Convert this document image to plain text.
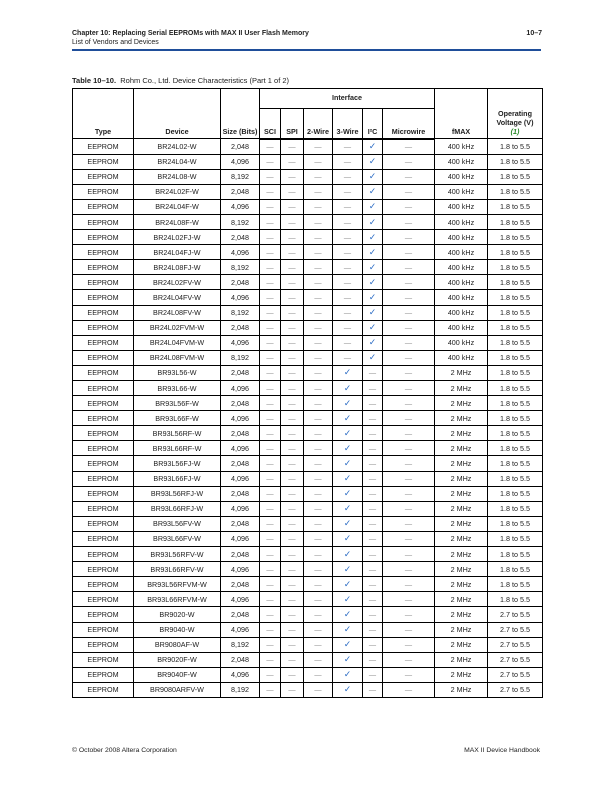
Chapter 10: Replacing Serial EEPROMs with MAX II User Flash Memory
List of Vendors and Devices
10–7
Table 10–10. Rohm Co., Ltd. Device Characteristics (Part 1 of 2)
Type	Device	Size (Bits)	Interface						fMAX	Operating Voltage (V)
(1)
			SCI	SPI	2-Wire	3-Wire	I²C	Microwire		
EEPROM	BR24L02-W	2,048	—	—	—	—	✓	—	400 kHz	1.8 to 5.5
EEPROM	BR24L04-W	4,096	—	—	—	—	✓	—	400 kHz	1.8 to 5.5
EEPROM	BR24L08-W	8,192	—	—	—	—	✓	—	400 kHz	1.8 to 5.5
EEPROM	BR24L02F-W	2,048	—	—	—	—	✓	—	400 kHz	1.8 to 5.5
EEPROM	BR24L04F-W	4,096	—	—	—	—	✓	—	400 kHz	1.8 to 5.5
EEPROM	BR24L08F-W	8,192	—	—	—	—	✓	—	400 kHz	1.8 to 5.5
EEPROM	BR24L02FJ-W	2,048	—	—	—	—	✓	—	400 kHz	1.8 to 5.5
EEPROM	BR24L04FJ-W	4,096	—	—	—	—	✓	—	400 kHz	1.8 to 5.5
EEPROM	BR24L08FJ-W	8,192	—	—	—	—	✓	—	400 kHz	1.8 to 5.5
EEPROM	BR24L02FV-W	2,048	—	—	—	—	✓	—	400 kHz	1.8 to 5.5
EEPROM	BR24L04FV-W	4,096	—	—	—	—	✓	—	400 kHz	1.8 to 5.5
EEPROM	BR24L08FV-W	8,192	—	—	—	—	✓	—	400 kHz	1.8 to 5.5
EEPROM	BR24L02FVM-W	2,048	—	—	—	—	✓	—	400 kHz	1.8 to 5.5
EEPROM	BR24L04FVM-W	4,096	—	—	—	—	✓	—	400 kHz	1.8 to 5.5
EEPROM	BR24L08FVM-W	8,192	—	—	—	—	✓	—	400 kHz	1.8 to 5.5
EEPROM	BR93L56-W	2,048	—	—	—	✓	—	—	2 MHz	1.8 to 5.5
EEPROM	BR93L66-W	4,096	—	—	—	✓	—	—	2 MHz	1.8 to 5.5
EEPROM	BR93L56F-W	2,048	—	—	—	✓	—	—	2 MHz	1.8 to 5.5
EEPROM	BR93L66F-W	4,096	—	—	—	✓	—	—	2 MHz	1.8 to 5.5
EEPROM	BR93L56RF-W	2,048	—	—	—	✓	—	—	2 MHz	1.8 to 5.5
EEPROM	BR93L66RF-W	4,096	—	—	—	✓	—	—	2 MHz	1.8 to 5.5
EEPROM	BR93L56FJ-W	2,048	—	—	—	✓	—	—	2 MHz	1.8 to 5.5
EEPROM	BR93L66FJ-W	4,096	—	—	—	✓	—	—	2 MHz	1.8 to 5.5
EEPROM	BR93L56RFJ-W	2,048	—	—	—	✓	—	—	2 MHz	1.8 to 5.5
EEPROM	BR93L66RFJ-W	4,096	—	—	—	✓	—	—	2 MHz	1.8 to 5.5
EEPROM	BR93L56FV-W	2,048	—	—	—	✓	—	—	2 MHz	1.8 to 5.5
EEPROM	BR93L66FV-W	4,096	—	—	—	✓	—	—	2 MHz	1.8 to 5.5
EEPROM	BR93L56RFV-W	2,048	—	—	—	✓	—	—	2 MHz	1.8 to 5.5
EEPROM	BR93L66RFV-W	4,096	—	—	—	✓	—	—	2 MHz	1.8 to 5.5
EEPROM	BR93L56RFVM-W	2,048	—	—	—	✓	—	—	2 MHz	1.8 to 5.5
EEPROM	BR93L66RFVM-W	4,096	—	—	—	✓	—	—	2 MHz	1.8 to 5.5
EEPROM	BR9020-W	2,048	—	—	—	✓	—	—	2 MHz	2.7 to 5.5
EEPROM	BR9040-W	4,096	—	—	—	✓	—	—	2 MHz	2.7 to 5.5
EEPROM	BR9080AF-W	8,192	—	—	—	✓	—	—	2 MHz	2.7 to 5.5
EEPROM	BR9020F-W	2,048	—	—	—	✓	—	—	2 MHz	2.7 to 5.5
EEPROM	BR9040F-W	4,096	—	—	—	✓	—	—	2 MHz	2.7 to 5.5
EEPROM	BR9080ARFV-W	8,192	—	—	—	✓	—	—	2 MHz	2.7 to 5.5
© October 2008 Altera Corporation	MAX II Device Handbook
